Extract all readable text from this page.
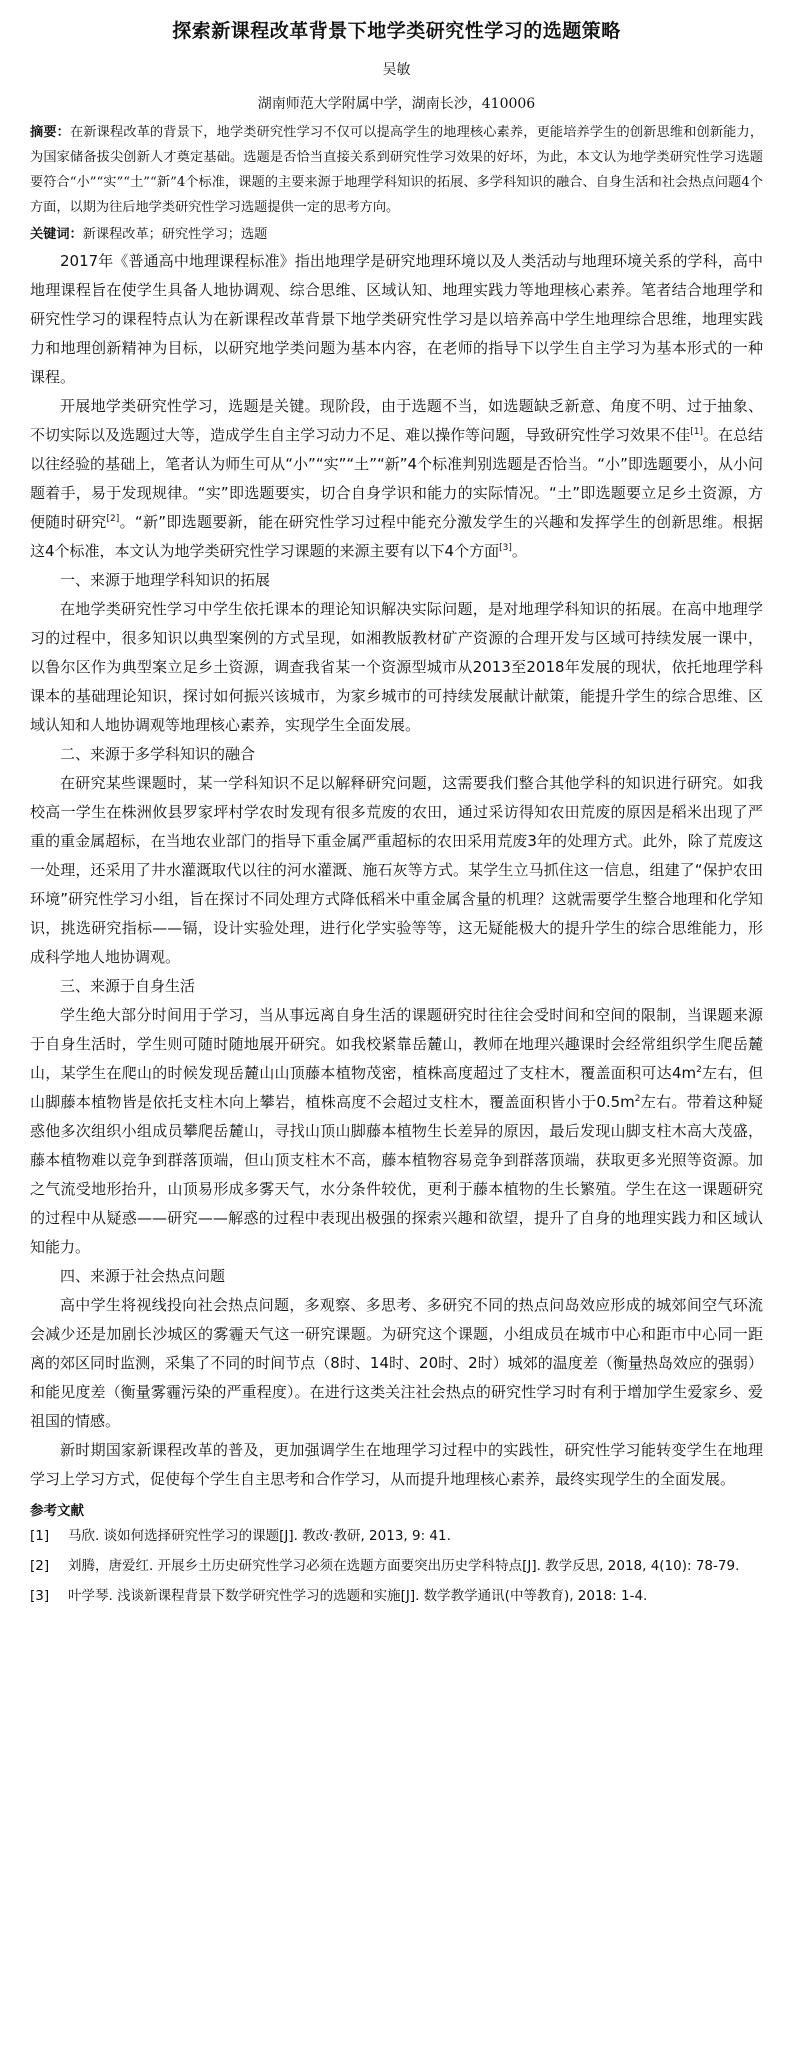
探索新课程改革背景下地学类研究性学习的选题策略
吴敏
湖南师范大学附属中学，湖南长沙，410006
摘要：在新课程改革的背景下，地学类研究性学习不仅可以提高学生的地理核心素养，更能培养学生的创新思维和创新能力，为国家储备拔尖创新人才奠定基础。选题是否恰当直接关系到研究性学习效果的好坏，为此，本文认为地学类研究性学习选题要符合“小”“实”“土”“新”4个标准，课题的主要来源于地理学科知识的拓展、多学科知识的融合、自身生活和社会热点问题4个方面，以期为往后地学类研究性学习选题提供一定的思考方向。
关键词：新课程改革；研究性学习；选题

2017年《普通高中地理课程标准》指出地理学是研究地理环境以及人类活动与地理环境关系的学科，高中地理课程旨在使学生具备人地协调观、综合思维、区域认知、地理实践力等地理核心素养。笔者结合地理学和研究性学习的课程特点认为在新课程改革背景下地学类研究性学习是以培养高中学生地理综合思维，地理实践力和地理创新精神为目标，以研究地学类问题为基本内容，在老师的指导下以学生自主学习为基本形式的一种课程。

开展地学类研究性学习，选题是关键。现阶段，由于选题不当，如选题缺乏新意、角度不明、过于抽象、不切实际以及选题过大等，造成学生自主学习动力不足、难以操作等问题，导致研究性学习效果不佳[1]。在总结以往经验的基础上，笔者认为师生可从“小”“实”“土”“新”4个标准判别选题是否恰当。“小”即选题要小，从小问题着手，易于发现规律。“实”即选题要实，切合自身学识和能力的实际情况。“土”即选题要立足乡土资源，方便随时研究[2]。“新”即选题要新，能在研究性学习过程中能充分激发学生的兴趣和发挥学生的创新思维。根据这4个标准，本文认为地学类研究性学习课题的来源主要有以下4个方面[3]。

一、来源于地理学科知识的拓展

在地学类研究性学习中学生依托课本的理论知识解决实际问题，是对地理学科知识的拓展。在高中地理学习的过程中，很多知识以典型案例的方式呈现，如湘教版教材矿产资源的合理开发与区域可持续发展一课中，以鲁尔区作为典型案立足乡土资源，调查我省某一个资源型城市从2013至2018年发展的现状，依托地理学科课本的基础理论知识，探讨如何振兴该城市，为家乡城市的可持续发展献计献策，能提升学生的综合思维、区域认知和人地协调观等地理核心素养，实现学生全面发展。

二、来源于多学科知识的融合

在研究某些课题时，某一学科知识不足以解释研究问题，这需要我们整合其他学科的知识进行研究。如我校高一学生在株洲攸县罗家坪村学农时发现有很多荒废的农田，通过采访得知农田荒废的原因是稻米出现了严重的重金属超标，在当地农业部门的指导下重金属严重超标的农田采用荒废3年的处理方式。此外，除了荒废这一处理，还采用了井水灌溉取代以往的河水灌溉、施石灰等方式。某学生立马抓住这一信息，组建了“保护农田环境”研究性学习小组，旨在探讨不同处理方式降低稻米中重金属含量的机理？这就需要学生整合地理和化学知识，挑选研究指标——镉，设计实验处理，进行化学实验等等，这无疑能极大的提升学生的综合思维能力，形成科学地人地协调观。

三、来源于自身生活

学生绝大部分时间用于学习，当从事远离自身生活的课题研究时往往会受时间和空间的限制，当课题来源于自身生活时，学生则可随时随地展开研究。如我校紧靠岳麓山，教师在地理兴趣课时会经常组织学生爬岳麓山，某学生在爬山的时候发现岳麓山山顶藤本植物茂密，植株高度超过了支柱木，覆盖面积可达$4m^2$左右，但山脚藤本植物皆是依托支柱木向上攀岩，植株高度不会超过支柱木，覆盖面积皆小于$0.5m^2$左右。带着这种疑惑他多次组织小组成员攀爬岳麓山，寻找山顶山脚藤本植物生长差异的原因，最后发现山脚支柱木高大茂盛，藤本植物难以竞争到群落顶端，但山顶支柱木不高，藤本植物容易竞争到群落顶端，获取更多光照等资源。加之气流受地形抬升，山顶易形成多雾天气，水分条件较优，更利于藤本植物的生长繁殖。学生在这一课题研究的过程中从疑惑——研究——解惑的过程中表现出极强的探索兴趣和欲望，提升了自身的地理实践力和区域认知能力。

四、来源于社会热点问题

高中学生将视线投向社会热点问题，多观察、多思考、多研究不同的热点问岛效应形成的城郊间空气环流会减少还是加剧长沙城区的雾霾天气这一研究课题。为研究这个课题，小组成员在城市中心和距市中心同一距离的郊区同时监测，采集了不同的时间节点（8时、14时、20时、2时）城郊的温度差（衡量热岛效应的强弱）和能见度差（衡量雾霾污染的严重程度）。在进行这类关注社会热点的研究性学习时有利于增加学生爱家乡、爱祖国的情感。

新时期国家新课程改革的普及，更加强调学生在地理学习过程中的实践性，研究性学习能转变学生在地理学习上学习方式，促使每个学生自主思考和合作学习，从而提升地理核心素养，最终实现学生的全面发展。

参考文献
[1]	马欣. 谈如何选择研究性学习的课题[J]. 教改·教研, 2013, 9: 41.
[2]	刘腾，唐爱红. 开展乡土历史研究性学习必须在选题方面要突出历史学科特点[J]. 教学反思, 2018, 4(10): 78-79.
[3]	叶学琴. 浅谈新课程背景下数学研究性学习的选题和实施[J]. 数学教学通讯(中等教育), 2018: 1-4.
